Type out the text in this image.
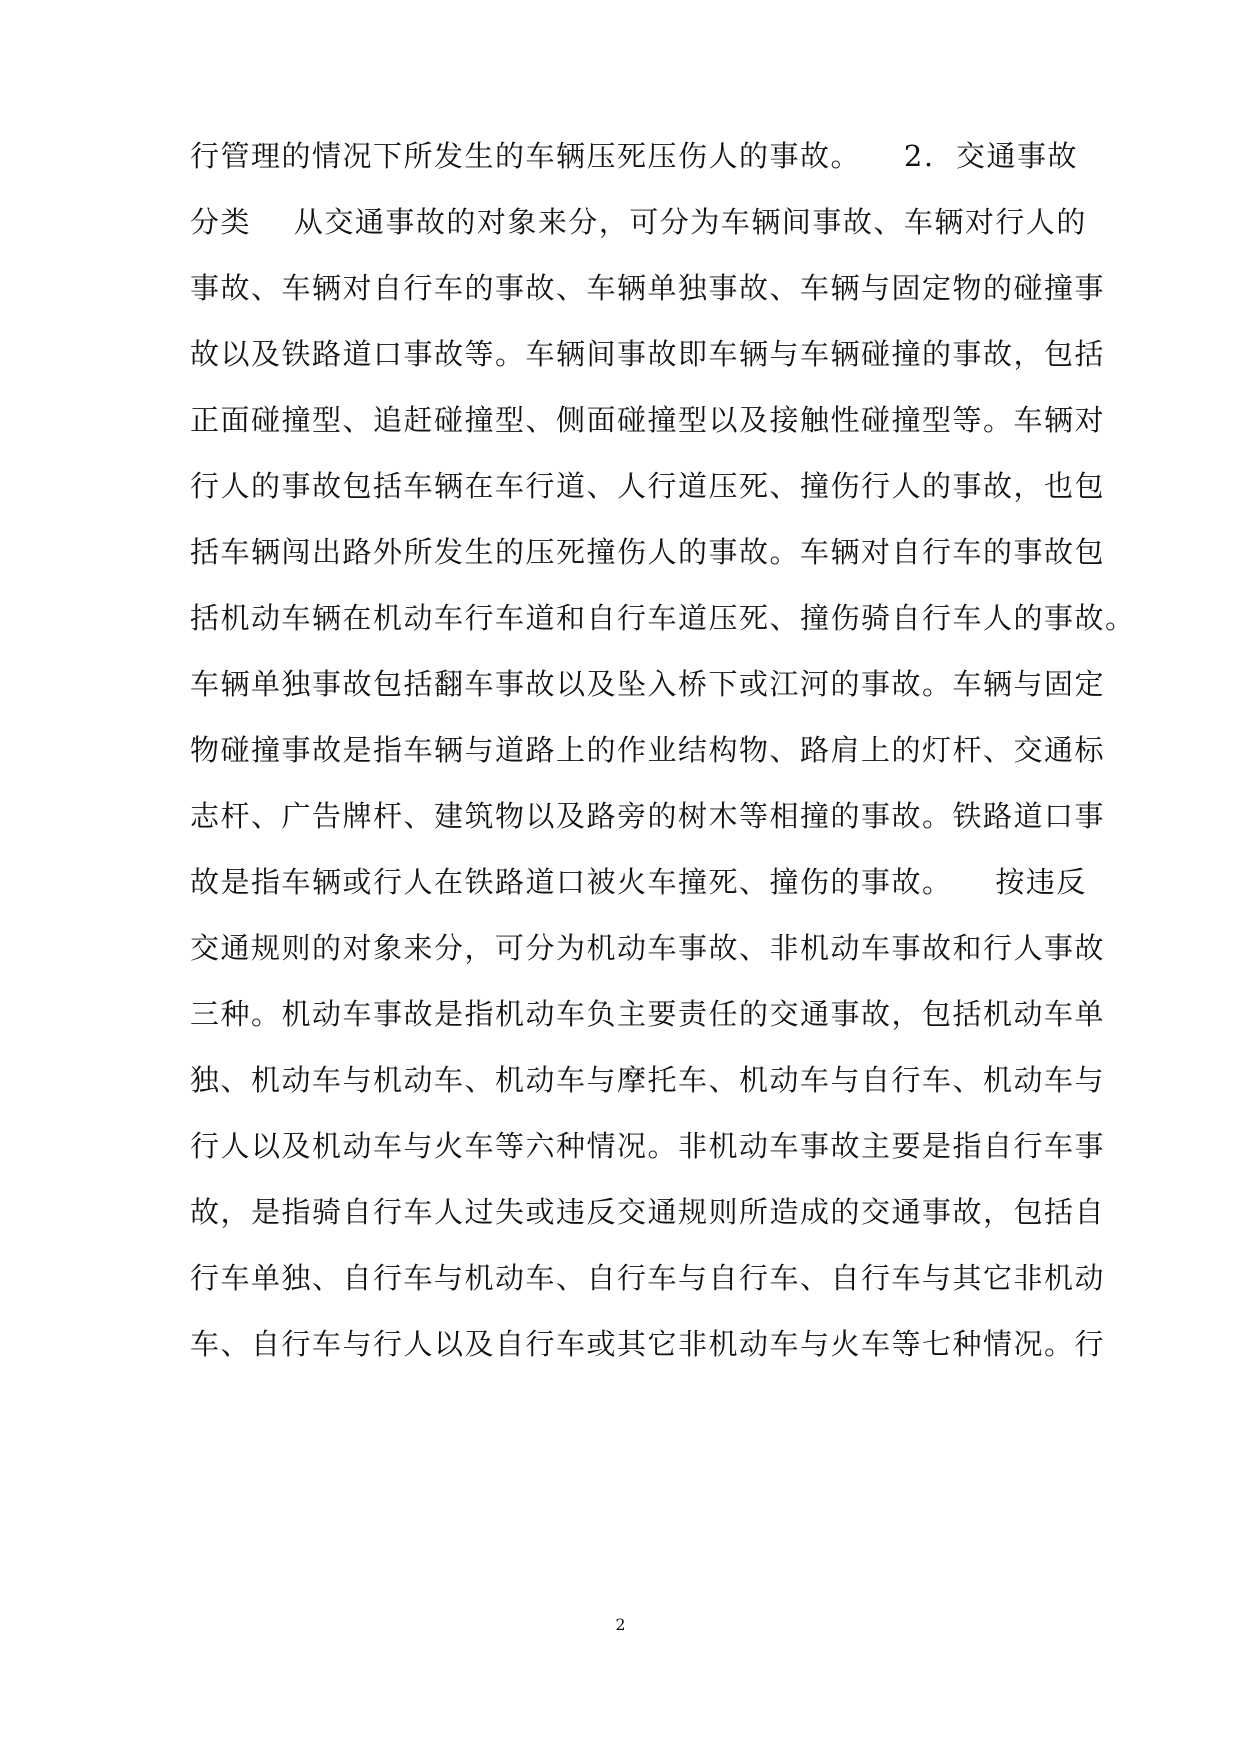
行管理的情况下所发生的车辆压死压伤人的事故。    2.  交通事故
分类    从交通事故的对象来分，可分为车辆间事故、车辆对行人的
事故、车辆对自行车的事故、车辆单独事故、车辆与固定物的碰撞事
故以及铁路道口事故等。车辆间事故即车辆与车辆碰撞的事故，包括
正面碰撞型、追赶碰撞型、侧面碰撞型以及接触性碰撞型等。车辆对
行人的事故包括车辆在车行道、人行道压死、撞伤行人的事故，也包
括车辆闯出路外所发生的压死撞伤人的事故。车辆对自行车的事故包
括机动车辆在机动车行车道和自行车道压死、撞伤骑自行车人的事故。
车辆单独事故包括翻车事故以及坠入桥下或江河的事故。车辆与固定
物碰撞事故是指车辆与道路上的作业结构物、路肩上的灯杆、交通标
志杆、广告牌杆、建筑物以及路旁的树木等相撞的事故。铁路道口事
故是指车辆或行人在铁路道口被火车撞死、撞伤的事故。    按违反
交通规则的对象来分，可分为机动车事故、非机动车事故和行人事故
三种。机动车事故是指机动车负主要责任的交通事故，包括机动车单
独、机动车与机动车、机动车与摩托车、机动车与自行车、机动车与
行人以及机动车与火车等六种情况。非机动车事故主要是指自行车事
故，是指骑自行车人过失或违反交通规则所造成的交通事故，包括自
行车单独、自行车与机动车、自行车与自行车、自行车与其它非机动
车、自行车与行人以及自行车或其它非机动车与火车等七种情况。行
2
